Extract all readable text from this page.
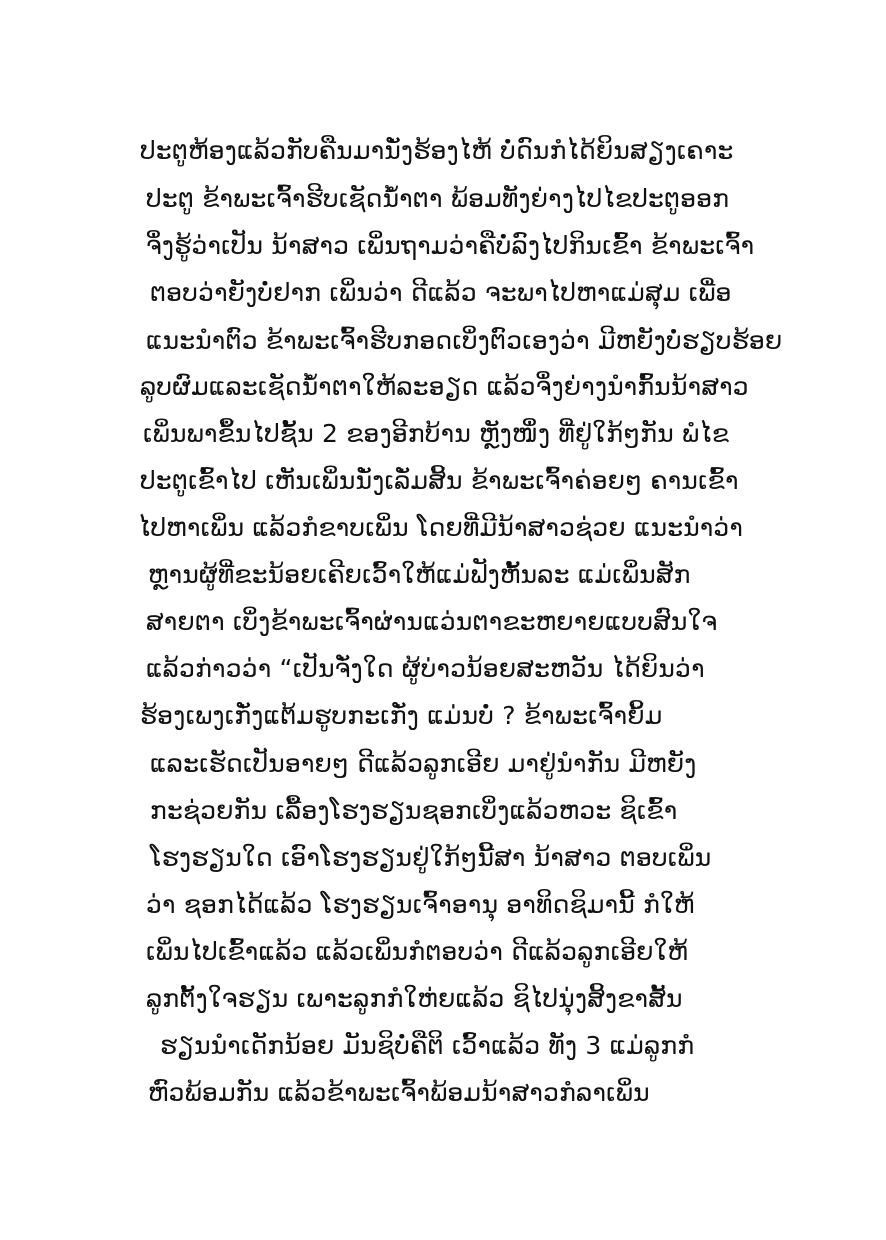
ປະຕູຫ້ອງແລ້ວກັບຄືນມານັ່ງຮ້ອງໄຫ້ ບໍ່ດົນກໍໄດ້ຍິນສຽງເຄາະ
ປະຕູ ຂ້າພະເຈົ້າຮີບເຊັດນ້ຳຕາ ພ້ອມທັງຍ່າງໄປໄຂປະຕູອອກ
ຈຶ່ງຮູ້ວ່າເປັນ ນ້າສາວ ເພິ່ນຖາມວ່າຄືບໍ່ລົງໄປກິນເຂົ້າ ຂ້າພະເຈົ້າ
ຕອບວ່າຍັງບໍ່ຢາກ ເພິ່ນວ່າ ດີແລ້ວ ຈະພາໄປຫາແມ່ສຸມ ເພື່ອ
ແນະນຳຕົວ ຂ້າພະເຈົ້າຮີບກອດເບິ່ງຕົວເອງວ່າ ມີຫຍັງບໍ່ຮຽບຮ້ອຍ
ລູບຜົມແລະເຊັດນ້ຳຕາໃຫ້ລະອຽດ ແລ້ວຈຶ່ງຍ່າງນຳກົ້ນນ້າສາວ
ເພິ່ນພາຂຶ້ນໄປຊັ້ນ 2 ຂອງອີກບ້ານ ຫຼັງໜຶ່ງ ທີ່ຢູ່ໃກ້ໆກັນ ພໍໄຂ
ປະຕູເຂົ້າໄປ ເຫັນເພິ່ນນັ່ງເລັ່ມສິ້ນ ຂ້າພະເຈົ້າຄ່ອຍໆ ຄານເຂົ້າ
ໄປຫາເພິ່ນ ແລ້ວກໍຂາບເພິ່ນ ໂດຍທີ່ມີນ້າສາວຊ່ວຍ ແນະນຳວ່າ
ຫຼານຜູ້ທີ່ຂະນ້ອຍເຄີຍເວົ້າໃຫ້ແມ່ຟັງຫັ້ນລະ ແມ່ເພິ່ນສັກ
ສາຍຕາ ເບິ່ງຂ້າພະເຈົ້າຜ່ານແວ່ນຕາຂະຫຍາຍແບບສົນໃຈ
ແລ້ວກ່າວວ່າ “ເປັນຈັ່ງໃດ ຜູ້ບ່າວນ້ອຍສະຫວັນ ໄດ້ຍິນວ່າ
ຮ້ອງເພງເກັ່ງແຕ້ມຮູບກະເກັ່ງ ແມ່ນບໍ່ ? ຂ້າພະເຈົ້າຍິ້ມ
ແລະເຮັດເປັນອາຍໆ ດີແລ້ວລູກເອີຍ ມາຢູ່ນຳກັນ ມີຫຍັງ
ກະຊ່ວຍກັນ ເລື້ອງໂຮງຮຽນຊອກເບິ່ງແລ້ວຫວະ ຊິເຂົ້າ
ໂຮງຮຽນໃດ ເອົາໂຮງຮຽນຢູ່ໃກ້ໆນີ້ສາ ນ້າສາວ ຕອບເພິ່ນ
ວ່າ ຊອກໄດ້ແລ້ວ ໂຮງຮຽນເຈົ້າອານຸ ອາທິດຊິມານີ້ ກໍໃຫ້
ເພິ່ນໄປເຂົ້າແລ້ວ ແລ້ວເພິ່ນກໍຕອບວ່າ ດີແລ້ວລູກເອີຍໃຫ້
ລູກຕັ້ງໃຈຮຽນ ເພາະລູກກໍໃຫ່ຍແລ້ວ ຊິໄປນຸ່ງສິ້ງຂາສັ້ນ
ຮຽນນຳເດັກນ້ອຍ ມັນຊິບໍ່ຄືຕິ ເວົ້າແລ້ວ ທັງ 3 ແມ່ລູກກໍ
ຫົວພ້ອມກັນ ແລ້ວຂ້າພະເຈົ້າພ້ອມນ້າສາວກໍລາເພິ່ນ
